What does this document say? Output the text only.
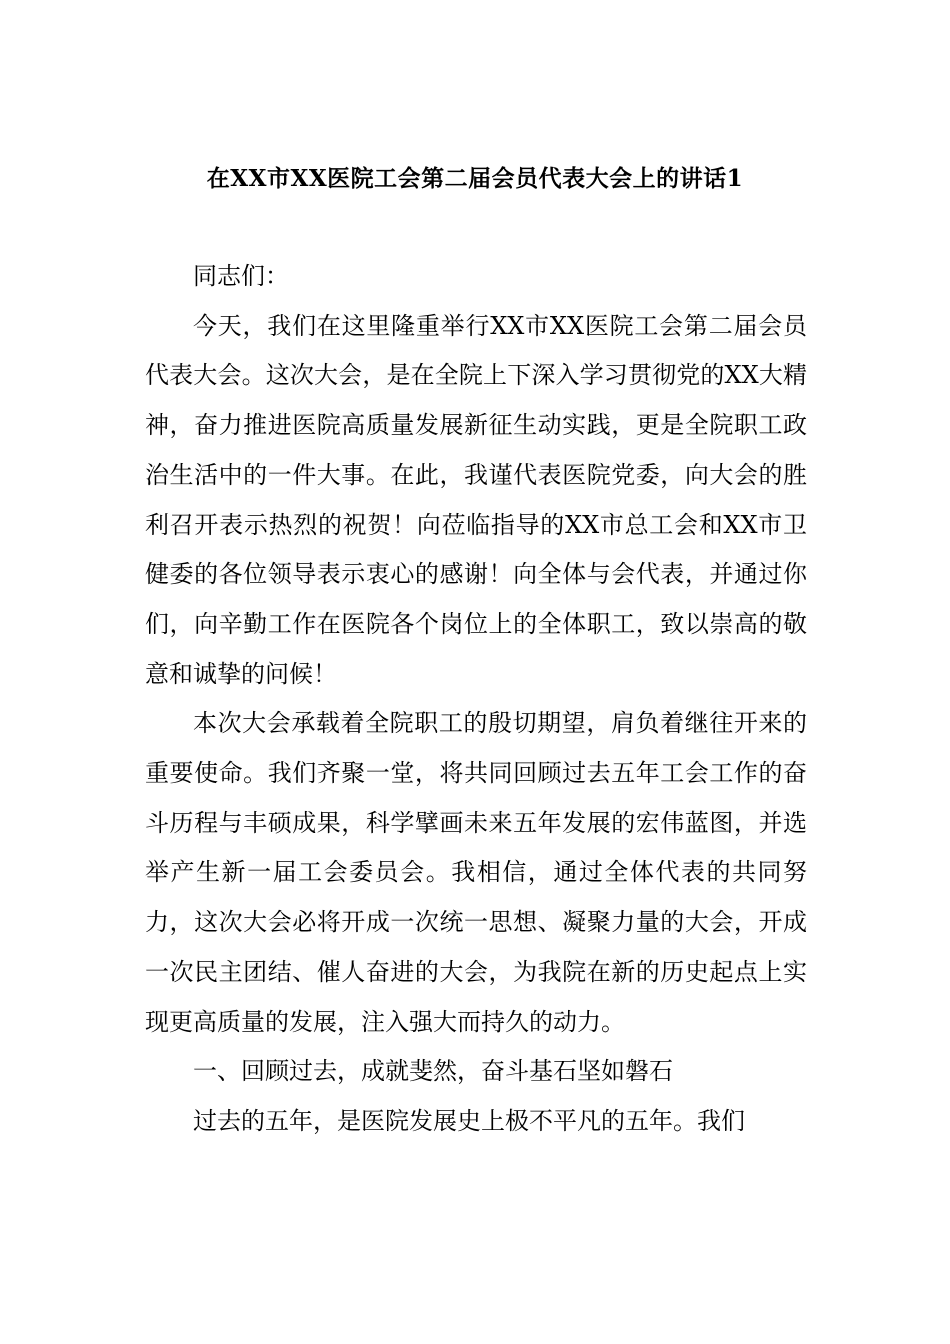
在XX市XX医院工会第二届会员代表大会上的讲话1

同志们：

今天，我们在这里隆重举行XX市XX医院工会第二届会员代表大会。这次大会，是在全院上下深入学习贯彻党的XX大精神，奋力推进医院高质量发展新征生动实践，更是全院职工政治生活中的一件大事。在此，我谨代表医院党委，向大会的胜利召开表示热烈的祝贺！向莅临指导的XX市总工会和XX市卫健委的各位领导表示衷心的感谢！向全体与会代表，并通过你们，向辛勤工作在医院各个岗位上的全体职工，致以崇高的敬意和诚挚的问候！

本次大会承载着全院职工的殷切期望，肩负着继往开来的重要使命。我们齐聚一堂，将共同回顾过去五年工会工作的奋斗历程与丰硕成果，科学擘画未来五年发展的宏伟蓝图，并选举产生新一届工会委员会。我相信，通过全体代表的共同努力，这次大会必将开成一次统一思想、凝聚力量的大会，开成一次民主团结、催人奋进的大会，为我院在新的历史起点上实现更高质量的发展，注入强大而持久的动力。

一、回顾过去，成就斐然，奋斗基石坚如磐石

过去的五年，是医院发展史上极不平凡的五年。我们
